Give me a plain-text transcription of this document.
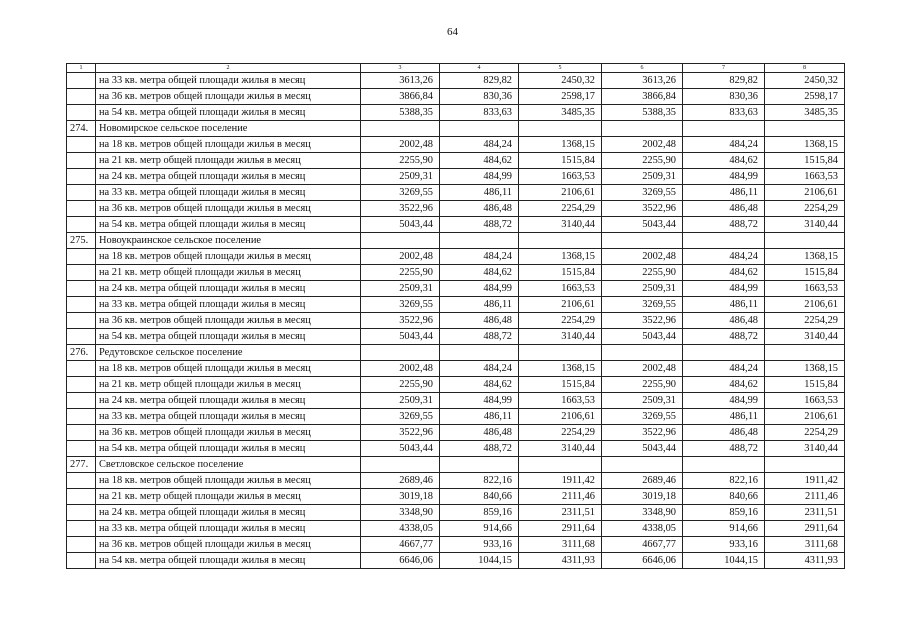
64
1	2	3	4	5	6	7	8
	на 33 кв. метра общей площади жилья в месяц	3613,26	829,82	2450,32	3613,26	829,82	2450,32
	на 36 кв. метров общей площади жилья в месяц	3866,84	830,36	2598,17	3866,84	830,36	2598,17
	на 54 кв. метра общей площади жилья в месяц	5388,35	833,63	3485,35	5388,35	833,63	3485,35
274.	Новомирское сельское поселение						
	на 18 кв. метров общей площади жилья в месяц	2002,48	484,24	1368,15	2002,48	484,24	1368,15
	на 21 кв. метр общей площади жилья в месяц	2255,90	484,62	1515,84	2255,90	484,62	1515,84
	на 24 кв. метра общей площади жилья в месяц	2509,31	484,99	1663,53	2509,31	484,99	1663,53
	на 33 кв. метра общей площади жилья в месяц	3269,55	486,11	2106,61	3269,55	486,11	2106,61
	на 36 кв. метров общей площади жилья в месяц	3522,96	486,48	2254,29	3522,96	486,48	2254,29
	на 54 кв. метра общей площади жилья в месяц	5043,44	488,72	3140,44	5043,44	488,72	3140,44
275.	Новоукраинское сельское поселение						
	на 18 кв. метров общей площади жилья в месяц	2002,48	484,24	1368,15	2002,48	484,24	1368,15
	на 21 кв. метр общей площади жилья в месяц	2255,90	484,62	1515,84	2255,90	484,62	1515,84
	на 24 кв. метра общей площади жилья в месяц	2509,31	484,99	1663,53	2509,31	484,99	1663,53
	на 33 кв. метра общей площади жилья в месяц	3269,55	486,11	2106,61	3269,55	486,11	2106,61
	на 36 кв. метров общей площади жилья в месяц	3522,96	486,48	2254,29	3522,96	486,48	2254,29
	на 54 кв. метра общей площади жилья в месяц	5043,44	488,72	3140,44	5043,44	488,72	3140,44
276.	Редутовское сельское поселение						
	на 18 кв. метров общей площади жилья в месяц	2002,48	484,24	1368,15	2002,48	484,24	1368,15
	на 21 кв. метр общей площади жилья в месяц	2255,90	484,62	1515,84	2255,90	484,62	1515,84
	на 24 кв. метра общей площади жилья в месяц	2509,31	484,99	1663,53	2509,31	484,99	1663,53
	на 33 кв. метра общей площади жилья в месяц	3269,55	486,11	2106,61	3269,55	486,11	2106,61
	на 36 кв. метров общей площади жилья в месяц	3522,96	486,48	2254,29	3522,96	486,48	2254,29
	на 54 кв. метра общей площади жилья в месяц	5043,44	488,72	3140,44	5043,44	488,72	3140,44
277.	Светловское сельское поселение						
	на 18 кв. метров общей площади жилья в месяц	2689,46	822,16	1911,42	2689,46	822,16	1911,42
	на 21 кв. метр общей площади жилья в месяц	3019,18	840,66	2111,46	3019,18	840,66	2111,46
	на 24 кв. метра общей площади жилья в месяц	3348,90	859,16	2311,51	3348,90	859,16	2311,51
	на 33 кв. метра общей площади жилья в месяц	4338,05	914,66	2911,64	4338,05	914,66	2911,64
	на 36 кв. метров общей площади жилья в месяц	4667,77	933,16	3111,68	4667,77	933,16	3111,68
	на 54 кв. метра общей площади жилья в месяц	6646,06	1044,15	4311,93	6646,06	1044,15	4311,93
